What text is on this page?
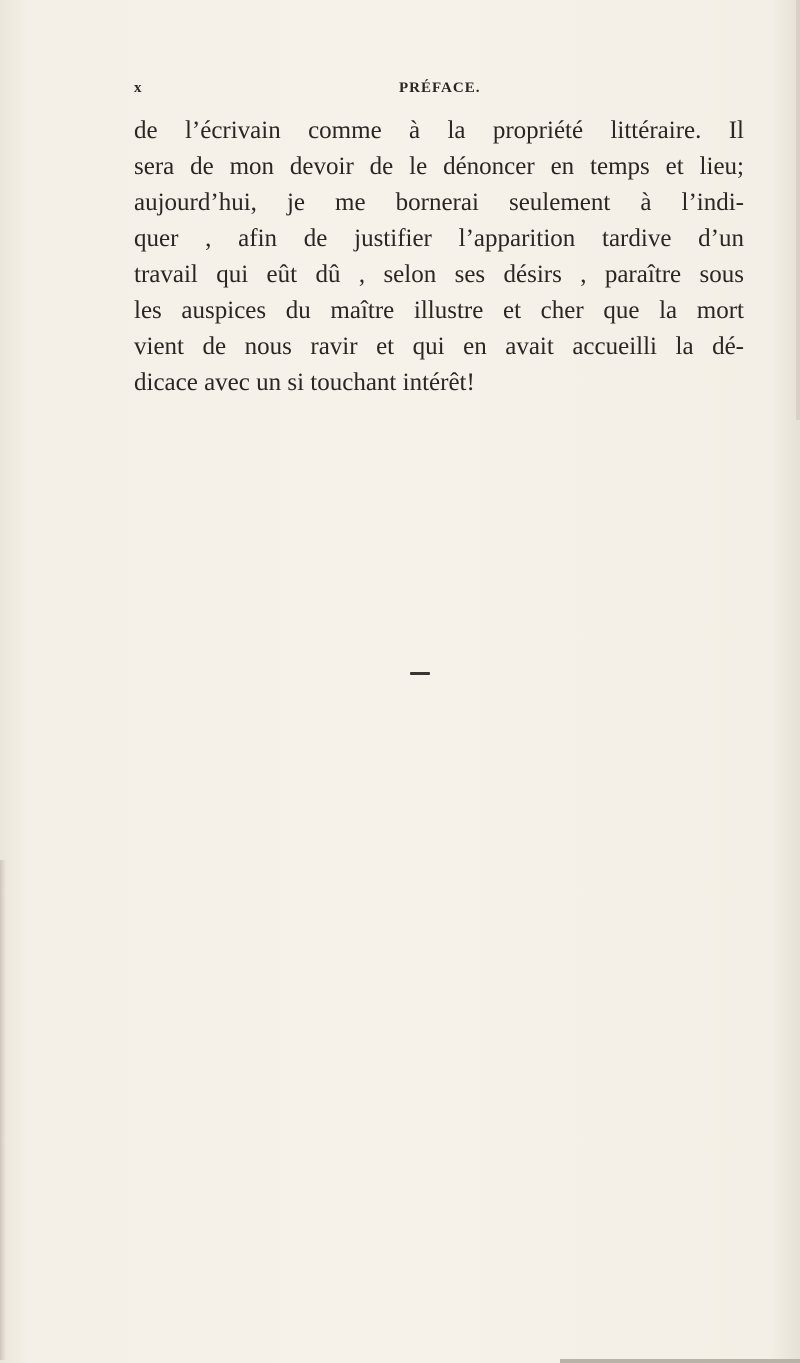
x	PRÉFACE.
de l’écrivain comme à la propriété littéraire. Il
sera de mon devoir de le dénoncer en temps et lieu;
aujourd’hui, je me bornerai seulement à l’indi-
quer , afin de justifier l’apparition tardive d’un
travail qui eût dû , selon ses désirs , paraître sous
les auspices du maître illustre et cher que la mort
vient de nous ravir et qui en avait accueilli la dé-
dicace avec un si touchant intérêt!
